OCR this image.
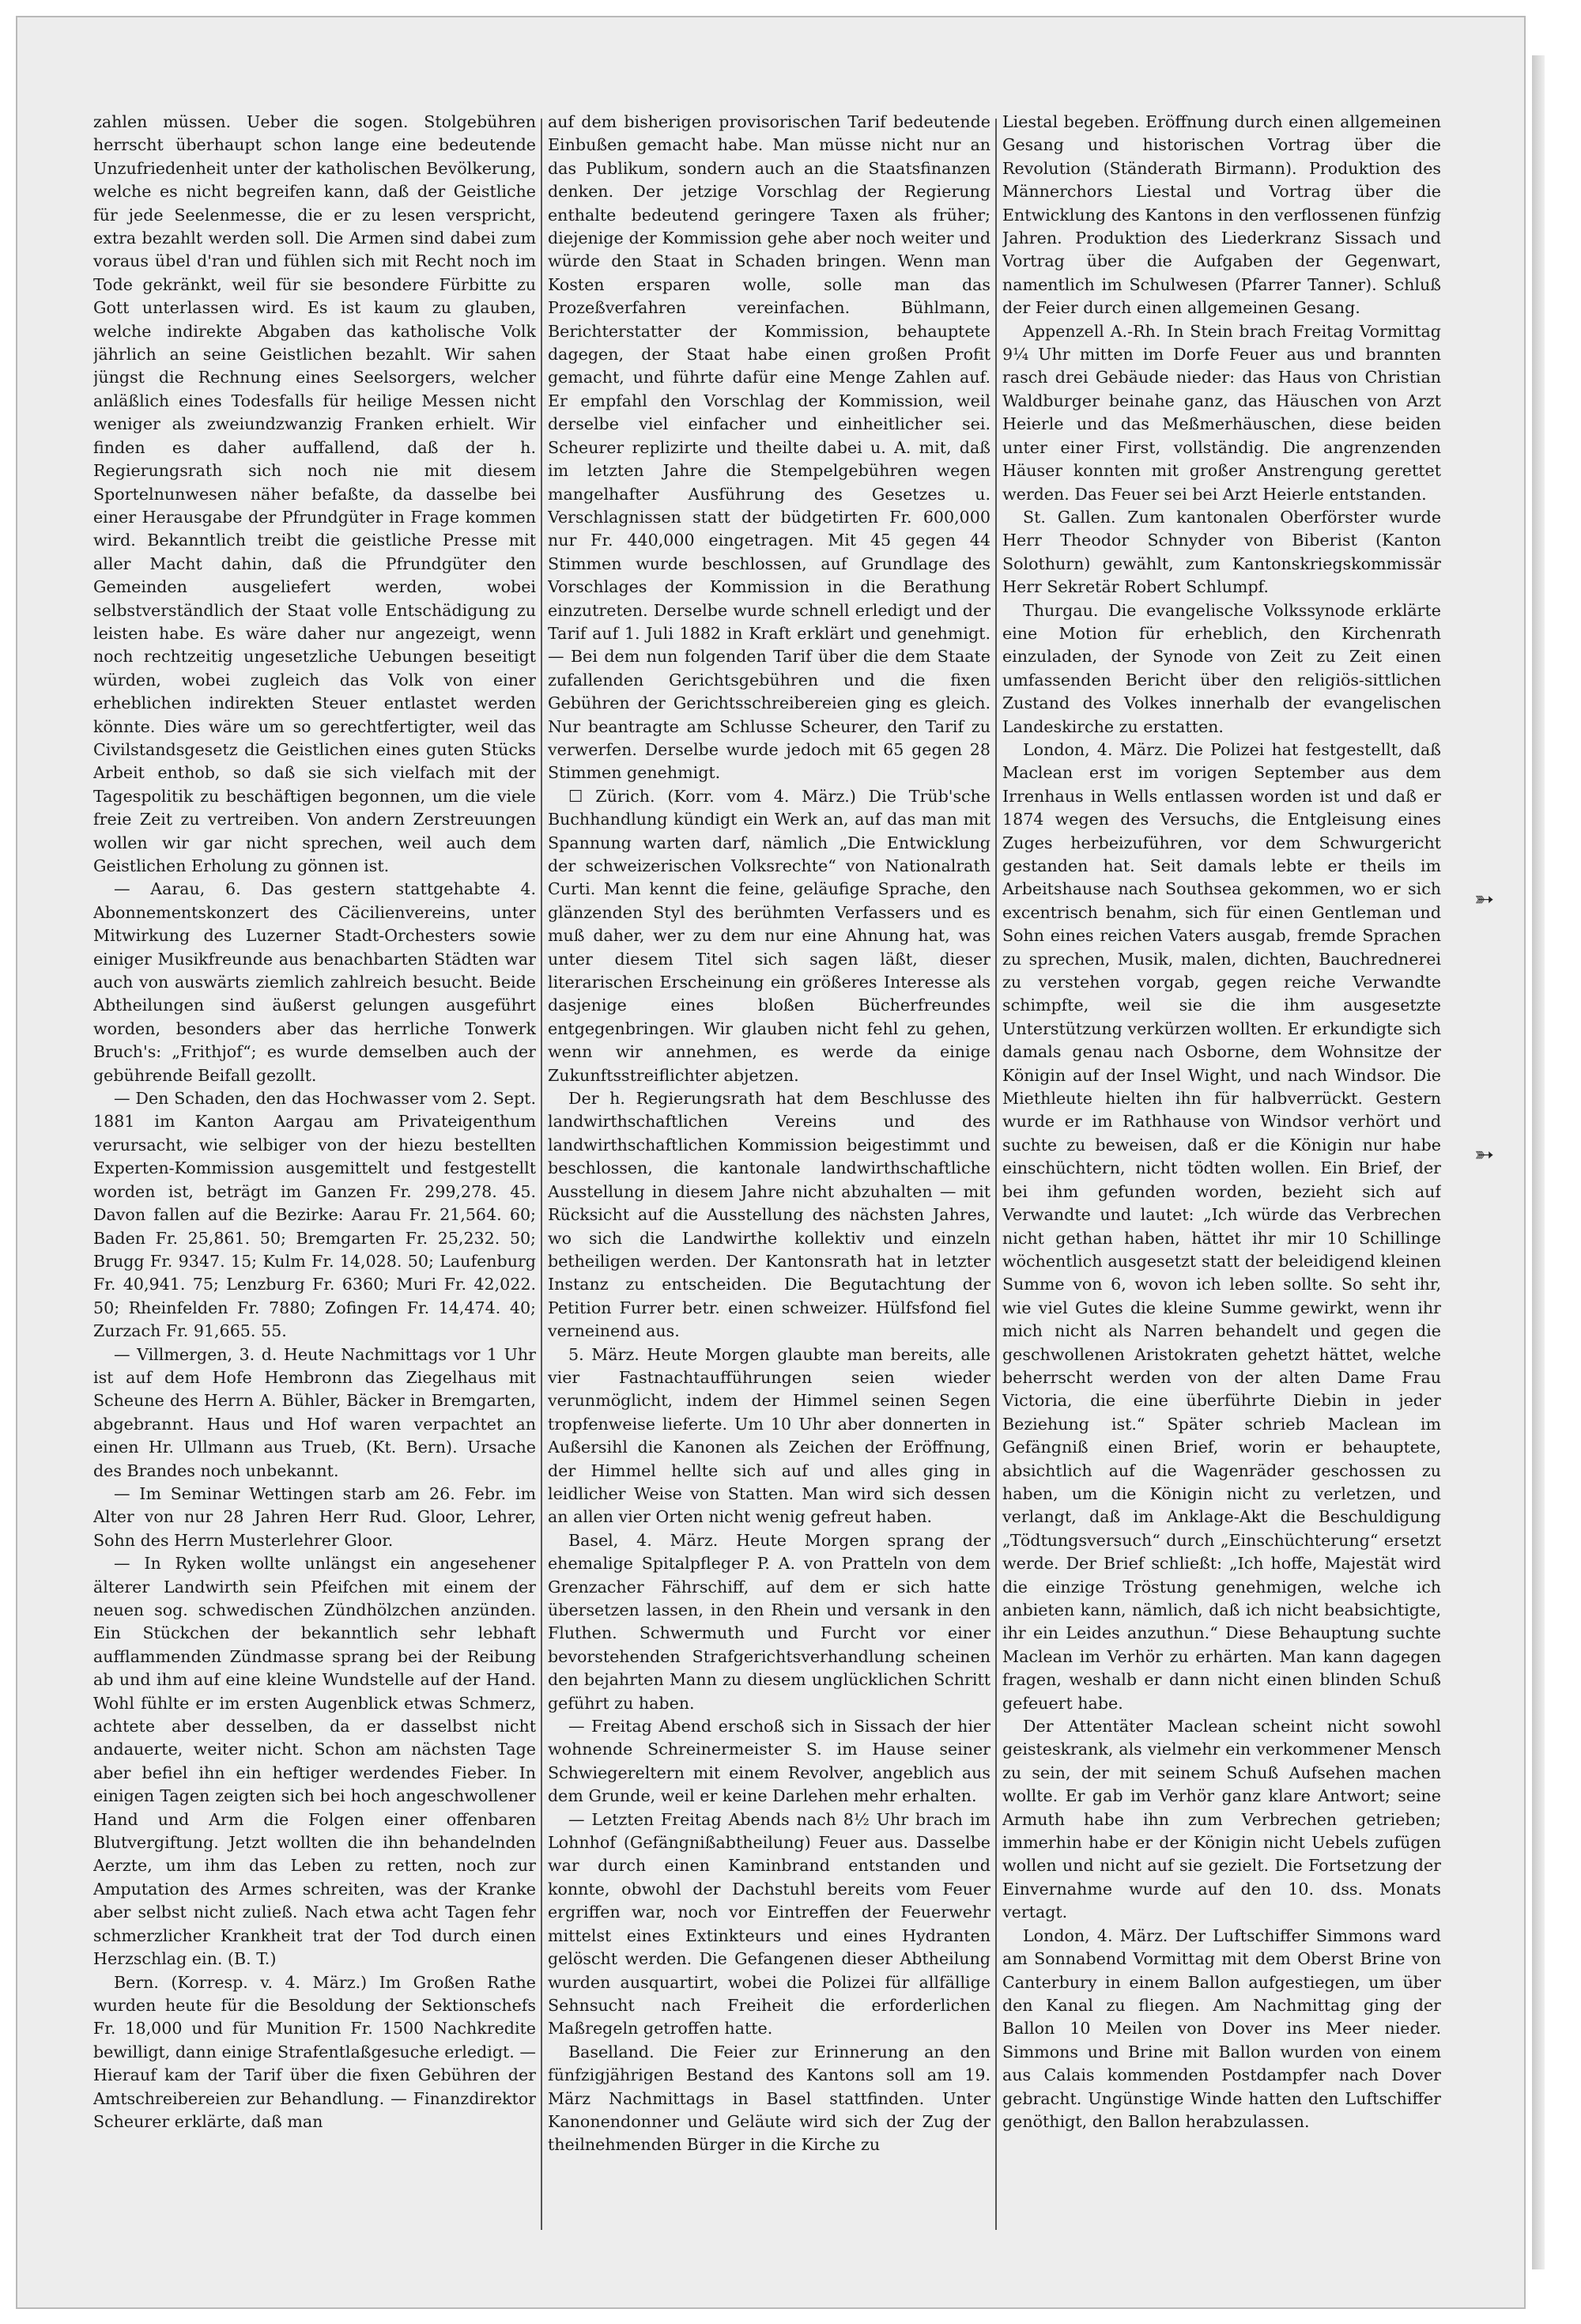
zahlen müssen. Ueber die sogen. Stolgebühren herrscht überhaupt schon lange eine bedeutende Unzufriedenheit unter der katholischen Bevölkerung, welche es nicht begreifen kann, daß der Geistliche für jede Seelenmesse, die er zu lesen verspricht, extra bezahlt werden soll. Die Armen sind dabei zum voraus übel d'ran und fühlen sich mit Recht noch im Tode gekränkt, weil für sie besondere Fürbitte zu Gott unterlassen wird. Es ist kaum zu glauben, welche indirekte Abgaben das katholische Volk jährlich an seine Geistlichen bezahlt. Wir sahen jüngst die Rechnung eines Seelsorgers, welcher anläßlich eines Todesfalls für heilige Messen nicht weniger als zweiundzwanzig Franken erhielt. Wir finden es daher auffallend, daß der h. Regierungsrath sich noch nie mit diesem Sportelnunwesen näher befaßte, da dasselbe bei einer Herausgabe der Pfrundgüter in Frage kommen wird. Bekanntlich treibt die geistliche Presse mit aller Macht dahin, daß die Pfrundgüter den Gemeinden ausgeliefert werden, wobei selbstverständlich der Staat volle Entschädigung zu leisten habe. Es wäre daher nur angezeigt, wenn noch rechtzeitig ungesetzliche Uebungen beseitigt würden, wobei zugleich das Volk von einer erheblichen indirekten Steuer entlastet werden könnte. Dies wäre um so gerechtfertigter, weil das Civilstandsgesetz die Geistlichen eines guten Stücks Arbeit enthob, so daß sie sich vielfach mit der Tagespolitik zu beschäftigen begonnen, um die viele freie Zeit zu vertreiben. Von andern Zerstreuungen wollen wir gar nicht sprechen, weil auch dem Geistlichen Erholung zu gönnen ist.

— Aarau, 6. Das gestern stattgehabte 4. Abonnementskonzert des Cäcilienvereins, unter Mitwirkung des Luzerner Stadt-Orchesters sowie einiger Musikfreunde aus benachbarten Städten war auch von auswärts ziemlich zahlreich besucht. Beide Abtheilungen sind äußerst gelungen ausgeführt worden, besonders aber das herrliche Tonwerk Bruch's: „Frithjof“; es wurde demselben auch der gebührende Beifall gezollt.

— Den Schaden, den das Hochwasser vom 2. Sept. 1881 im Kanton Aargau am Privateigenthum verursacht, wie selbiger von der hiezu bestellten Experten-Kommission ausgemittelt und festgestellt worden ist, beträgt im Ganzen Fr. 299,278. 45. Davon fallen auf die Bezirke: Aarau Fr. 21,564. 60; Baden Fr. 25,861. 50; Bremgarten Fr. 25,232. 50; Brugg Fr. 9347. 15; Kulm Fr. 14,028. 50; Laufenburg Fr. 40,941. 75; Lenzburg Fr. 6360; Muri Fr. 42,022. 50; Rheinfelden Fr. 7880; Zofingen Fr. 14,474. 40; Zurzach Fr. 91,665. 55.

— Villmergen, 3. d. Heute Nachmittags vor 1 Uhr ist auf dem Hofe Hembronn das Ziegelhaus mit Scheune des Herrn A. Bühler, Bäcker in Bremgarten, abgebrannt. Haus und Hof waren verpachtet an einen Hr. Ullmann aus Trueb, (Kt. Bern). Ursache des Brandes noch unbekannt.

— Im Seminar Wettingen starb am 26. Febr. im Alter von nur 28 Jahren Herr Rud. Gloor, Lehrer, Sohn des Herrn Musterlehrer Gloor.

— In Ryken wollte unlängst ein angesehener älterer Landwirth sein Pfeifchen mit einem der neuen sog. schwedischen Zündhölzchen anzünden. Ein Stückchen der bekanntlich sehr lebhaft aufflammenden Zündmasse sprang bei der Reibung ab und ihm auf eine kleine Wundstelle auf der Hand. Wohl fühlte er im ersten Augenblick etwas Schmerz, achtete aber desselben, da er dasselbst nicht andauerte, weiter nicht. Schon am nächsten Tage aber befiel ihn ein heftiger werdendes Fieber. In einigen Tagen zeigten sich bei hoch angeschwollener Hand und Arm die Folgen einer offenbaren Blutvergiftung. Jetzt wollten die ihn behandelnden Aerzte, um ihm das Leben zu retten, noch zur Amputation des Armes schreiten, was der Kranke aber selbst nicht zuließ. Nach etwa acht Tagen fehr schmerzlicher Krankheit trat der Tod durch einen Herzschlag ein. (B. T.)

Bern. (Korresp. v. 4. März.) Im Großen Rathe wurden heute für die Besoldung der Sektionschefs Fr. 18,000 und für Munition Fr. 1500 Nachkredite bewilligt, dann einige Strafentlaßgesuche erledigt. — Hierauf kam der Tarif über die fixen Gebühren der Amtschreibereien zur Behandlung. — Finanzdirektor Scheurer erklärte, daß man

auf dem bisherigen provisorischen Tarif bedeutende Einbußen gemacht habe. Man müsse nicht nur an das Publikum, sondern auch an die Staatsfinanzen denken. Der jetzige Vorschlag der Regierung enthalte bedeutend geringere Taxen als früher; diejenige der Kommission gehe aber noch weiter und würde den Staat in Schaden bringen. Wenn man Kosten ersparen wolle, solle man das Prozeßverfahren vereinfachen. Bühlmann, Berichterstatter der Kommission, behauptete dagegen, der Staat habe einen großen Profit gemacht, und führte dafür eine Menge Zahlen auf. Er empfahl den Vorschlag der Kommission, weil derselbe viel einfacher und einheitlicher sei. Scheurer replizirte und theilte dabei u. A. mit, daß im letzten Jahre die Stempelgebühren wegen mangelhafter Ausführung des Gesetzes u. Verschlagnissen statt der büdgetirten Fr. 600,000 nur Fr. 440,000 eingetragen. Mit 45 gegen 44 Stimmen wurde beschlossen, auf Grundlage des Vorschlages der Kommission in die Berathung einzutreten. Derselbe wurde schnell erledigt und der Tarif auf 1. Juli 1882 in Kraft erklärt und genehmigt. — Bei dem nun folgenden Tarif über die dem Staate zufallenden Gerichtsgebühren und die fixen Gebühren der Gerichtsschreibereien ging es gleich. Nur beantragte am Schlusse Scheurer, den Tarif zu verwerfen. Derselbe wurde jedoch mit 65 gegen 28 Stimmen genehmigt.

☐ Zürich. (Korr. vom 4. März.) Die Trüb'sche Buchhandlung kündigt ein Werk an, auf das man mit Spannung warten darf, nämlich „Die Entwicklung der schweizerischen Volksrechte“ von Nationalrath Curti. Man kennt die feine, geläufige Sprache, den glänzenden Styl des berühmten Verfassers und es muß daher, wer zu dem nur eine Ahnung hat, was unter diesem Titel sich sagen läßt, dieser literarischen Erscheinung ein größeres Interesse als dasjenige eines bloßen Bücherfreundes entgegenbringen. Wir glauben nicht fehl zu gehen, wenn wir annehmen, es werde da einige Zukunftsstreiflichter abjetzen.

Der h. Regierungsrath hat dem Beschlusse des landwirthschaftlichen Vereins und des landwirthschaftlichen Kommission beigestimmt und beschlossen, die kantonale landwirthschaftliche Ausstellung in diesem Jahre nicht abzuhalten — mit Rücksicht auf die Ausstellung des nächsten Jahres, wo sich die Landwirthe kollektiv und einzeln betheiligen werden. Der Kantonsrath hat in letzter Instanz zu entscheiden. Die Begutachtung der Petition Furrer betr. einen schweizer. Hülfsfond fiel verneinend aus.

5. März. Heute Morgen glaubte man bereits, alle vier Fastnachtaufführungen seien wieder verunmöglicht, indem der Himmel seinen Segen tropfenweise lieferte. Um 10 Uhr aber donnerten in Außersihl die Kanonen als Zeichen der Eröffnung, der Himmel hellte sich auf und alles ging in leidlicher Weise von Statten. Man wird sich dessen an allen vier Orten nicht wenig gefreut haben.

Basel, 4. März. Heute Morgen sprang der ehemalige Spitalpfleger P. A. von Pratteln von dem Grenzacher Fährschiff, auf dem er sich hatte übersetzen lassen, in den Rhein und versank in den Fluthen. Schwermuth und Furcht vor einer bevorstehenden Strafgerichtsverhandlung scheinen den bejahrten Mann zu diesem unglücklichen Schritt geführt zu haben.

— Freitag Abend erschoß sich in Sissach der hier wohnende Schreinermeister S. im Hause seiner Schwiegereltern mit einem Revolver, angeblich aus dem Grunde, weil er keine Darlehen mehr erhalten.

— Letzten Freitag Abends nach 8½ Uhr brach im Lohnhof (Gefängnißabtheilung) Feuer aus. Dasselbe war durch einen Kaminbrand entstanden und konnte, obwohl der Dachstuhl bereits vom Feuer ergriffen war, noch vor Eintreffen der Feuerwehr mittelst eines Extinkteurs und eines Hydranten gelöscht werden. Die Gefangenen dieser Abtheilung wurden ausquartirt, wobei die Polizei für allfällige Sehnsucht nach Freiheit die erforderlichen Maßregeln getroffen hatte.

Baselland. Die Feier zur Erinnerung an den fünfzigjährigen Bestand des Kantons soll am 19. März Nachmittags in Basel stattfinden. Unter Kanonendonner und Geläute wird sich der Zug der theilnehmenden Bürger in die Kirche zu

Liestal begeben. Eröffnung durch einen allgemeinen Gesang und historischen Vortrag über die Revolution (Ständerath Birmann). Produktion des Männerchors Liestal und Vortrag über die Entwicklung des Kantons in den verflossenen fünfzig Jahren. Produktion des Liederkranz Sissach und Vortrag über die Aufgaben der Gegenwart, namentlich im Schulwesen (Pfarrer Tanner). Schluß der Feier durch einen allgemeinen Gesang.

Appenzell A.-Rh. In Stein brach Freitag Vormittag 9¼ Uhr mitten im Dorfe Feuer aus und brannten rasch drei Gebäude nieder: das Haus von Christian Waldburger beinahe ganz, das Häuschen von Arzt Heierle und das Meßmerhäuschen, diese beiden unter einer First, vollständig. Die angrenzenden Häuser konnten mit großer Anstrengung gerettet werden. Das Feuer sei bei Arzt Heierle entstanden.

St. Gallen. Zum kantonalen Oberförster wurde Herr Theodor Schnyder von Biberist (Kanton Solothurn) gewählt, zum Kantonskriegskommissär Herr Sekretär Robert Schlumpf.

Thurgau. Die evangelische Volkssynode erklärte eine Motion für erheblich, den Kirchenrath einzuladen, der Synode von Zeit zu Zeit einen umfassenden Bericht über den religiös-sittlichen Zustand des Volkes innerhalb der evangelischen Landeskirche zu erstatten.

London, 4. März. Die Polizei hat festgestellt, daß Maclean erst im vorigen September aus dem Irrenhaus in Wells entlassen worden ist und daß er 1874 wegen des Versuchs, die Entgleisung eines Zuges herbeizuführen, vor dem Schwurgericht gestanden hat. Seit damals lebte er theils im Arbeitshause nach Southsea gekommen, wo er sich excentrisch benahm, sich für einen Gentleman und Sohn eines reichen Vaters ausgab, fremde Sprachen zu sprechen, Musik, malen, dichten, Bauchrednerei zu verstehen vorgab, gegen reiche Verwandte schimpfte, weil sie die ihm ausgesetzte Unterstützung verkürzen wollten. Er erkundigte sich damals genau nach Osborne, dem Wohnsitze der Königin auf der Insel Wight, und nach Windsor. Die Miethleute hielten ihn für halbverrückt. Gestern wurde er im Rathhause von Windsor verhört und suchte zu beweisen, daß er die Königin nur habe einschüchtern, nicht tödten wollen. Ein Brief, der bei ihm gefunden worden, bezieht sich auf Verwandte und lautet: „Ich würde das Verbrechen nicht gethan haben, hättet ihr mir 10 Schillinge wöchentlich ausgesetzt statt der beleidigend kleinen Summe von 6, wovon ich leben sollte. So seht ihr, wie viel Gutes die kleine Summe gewirkt, wenn ihr mich nicht als Narren behandelt und gegen die geschwollenen Aristokraten gehetzt hättet, welche beherrscht werden von der alten Dame Frau Victoria, die eine überführte Diebin in jeder Beziehung ist.“ Später schrieb Maclean im Gefängniß einen Brief, worin er behauptete, absichtlich auf die Wagenräder geschossen zu haben, um die Königin nicht zu verletzen, und verlangt, daß im Anklage-Akt die Beschuldigung „Tödtungsversuch“ durch „Einschüchterung“ ersetzt werde. Der Brief schließt: „Ich hoffe, Majestät wird die einzige Tröstung genehmigen, welche ich anbieten kann, nämlich, daß ich nicht beabsichtigte, ihr ein Leides anzuthun.“ Diese Behauptung suchte Maclean im Verhör zu erhärten. Man kann dagegen fragen, weshalb er dann nicht einen blinden Schuß gefeuert habe.

Der Attentäter Maclean scheint nicht sowohl geisteskrank, als vielmehr ein verkommener Mensch zu sein, der mit seinem Schuß Aufsehen machen wollte. Er gab im Verhör ganz klare Antwort; seine Armuth habe ihn zum Verbrechen getrieben; immerhin habe er der Königin nicht Uebels zufügen wollen und nicht auf sie gezielt. Die Fortsetzung der Einvernahme wurde auf den 10. dss. Monats vertagt.

London, 4. März. Der Luftschiffer Simmons ward am Sonnabend Vormittag mit dem Oberst Brine von Canterbury in einem Ballon aufgestiegen, um über den Kanal zu fliegen. Am Nachmittag ging der Ballon 10 Meilen von Dover ins Meer nieder. Simmons und Brine mit Ballon wurden von einem aus Calais kommenden Postdampfer nach Dover gebracht. Ungünstige Winde hatten den Luftschiffer genöthigt, den Ballon herabzulassen.

➳
➳
